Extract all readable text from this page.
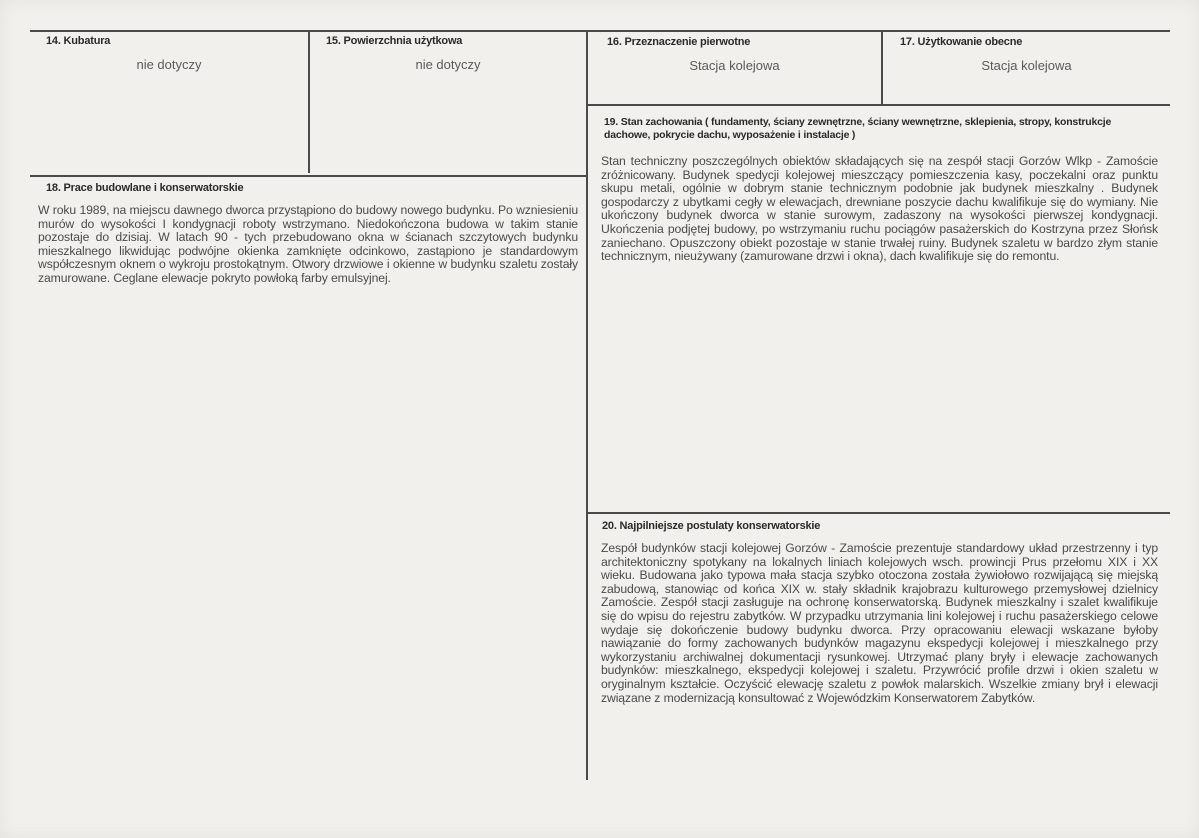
14. Kubatura
nie dotyczy
15. Powierzchnia użytkowa
nie dotyczy
16. Przeznaczenie pierwotne
Stacja kolejowa
17. Użytkowanie obecne
Stacja kolejowa
18. Prace budowlane i konserwatorskie
W roku 1989, na miejscu dawnego dworca przystąpiono do budowy nowego budynku. Po wzniesieniu murów do wysokości I kondygnacji roboty wstrzymano. Niedokończona budowa w takim stanie pozostaje do dzisiaj. W latach 90 - tych przebudowano okna w ścianach szczytowych budynku mieszkalnego likwidując podwójne okienka zamknięte odcinkowo, zastąpiono je standardowym współczesnym oknem o wykroju prostokątnym. Otwory drzwiowe i okienne w budynku szaletu zostały zamurowane. Ceglane elewacje pokryto powłoką farby emulsyjnej.
19. Stan zachowania ( fundamenty, ściany zewnętrzne, ściany wewnętrzne, sklepienia, stropy, konstrukcje dachowe, pokrycie dachu, wyposażenie i instalacje )
Stan techniczny poszczególnych obiektów składających się na zespół stacji Gorzów Wlkp - Zamoście zróżnicowany. Budynek spedycji kolejowej mieszczący pomieszczenia kasy, poczekalni oraz punktu skupu metali, ogólnie w dobrym stanie technicznym podobnie jak budynek mieszkalny . Budynek gospodarczy z ubytkami cegły w elewacjach, drewniane poszycie dachu kwalifikuje się do wymiany. Nie ukończony budynek dworca w stanie surowym, zadaszony na wysokości pierwszej kondygnacji. Ukończenia podjętej budowy, po wstrzymaniu ruchu pociągów pasażerskich do Kostrzyna przez Słońsk zaniechano. Opuszczony obiekt pozostaje w stanie trwałej ruiny. Budynek szaletu w bardzo złym stanie technicznym, nieużywany (zamurowane drzwi i okna), dach kwalifikuje się do remontu.
20. Najpilniejsze postulaty konserwatorskie
Zespół budynków stacji kolejowej Gorzów - Zamoście prezentuje standardowy układ przestrzenny i typ architektoniczny spotykany na lokalnych liniach kolejowych wsch. prowincji Prus przełomu XIX i XX wieku. Budowana jako typowa mała stacja szybko otoczona została żywiołowo rozwijającą się miejską zabudową, stanowiąc od końca XIX w. stały składnik krajobrazu kulturowego przemysłowej dzielnicy Zamoście. Zespół stacji zasługuje na ochronę konserwatorską. Budynek mieszkalny i szalet kwalifikuje się do wpisu do rejestru zabytków. W przypadku utrzymania lini kolejowej i ruchu pasażerskiego celowe wydaje się dokończenie budowy budynku dworca. Przy opracowaniu elewacji wskazane byłoby nawiązanie do formy zachowanych budynków magazynu ekspedycji kolejowej i mieszkalnego przy wykorzystaniu archiwalnej dokumentacji rysunkowej. Utrzymać plany bryły i elewacje zachowanych budynków: mieszkalnego, ekspedycji kolejowej i szaletu. Przywrócić profile drzwi i okien szaletu w oryginalnym kształcie. Oczyścić elewację szaletu z powłok malarskich. Wszelkie zmiany brył i elewacji związane z modernizacją konsultować z Wojewódzkim Konserwatorem Zabytków.
